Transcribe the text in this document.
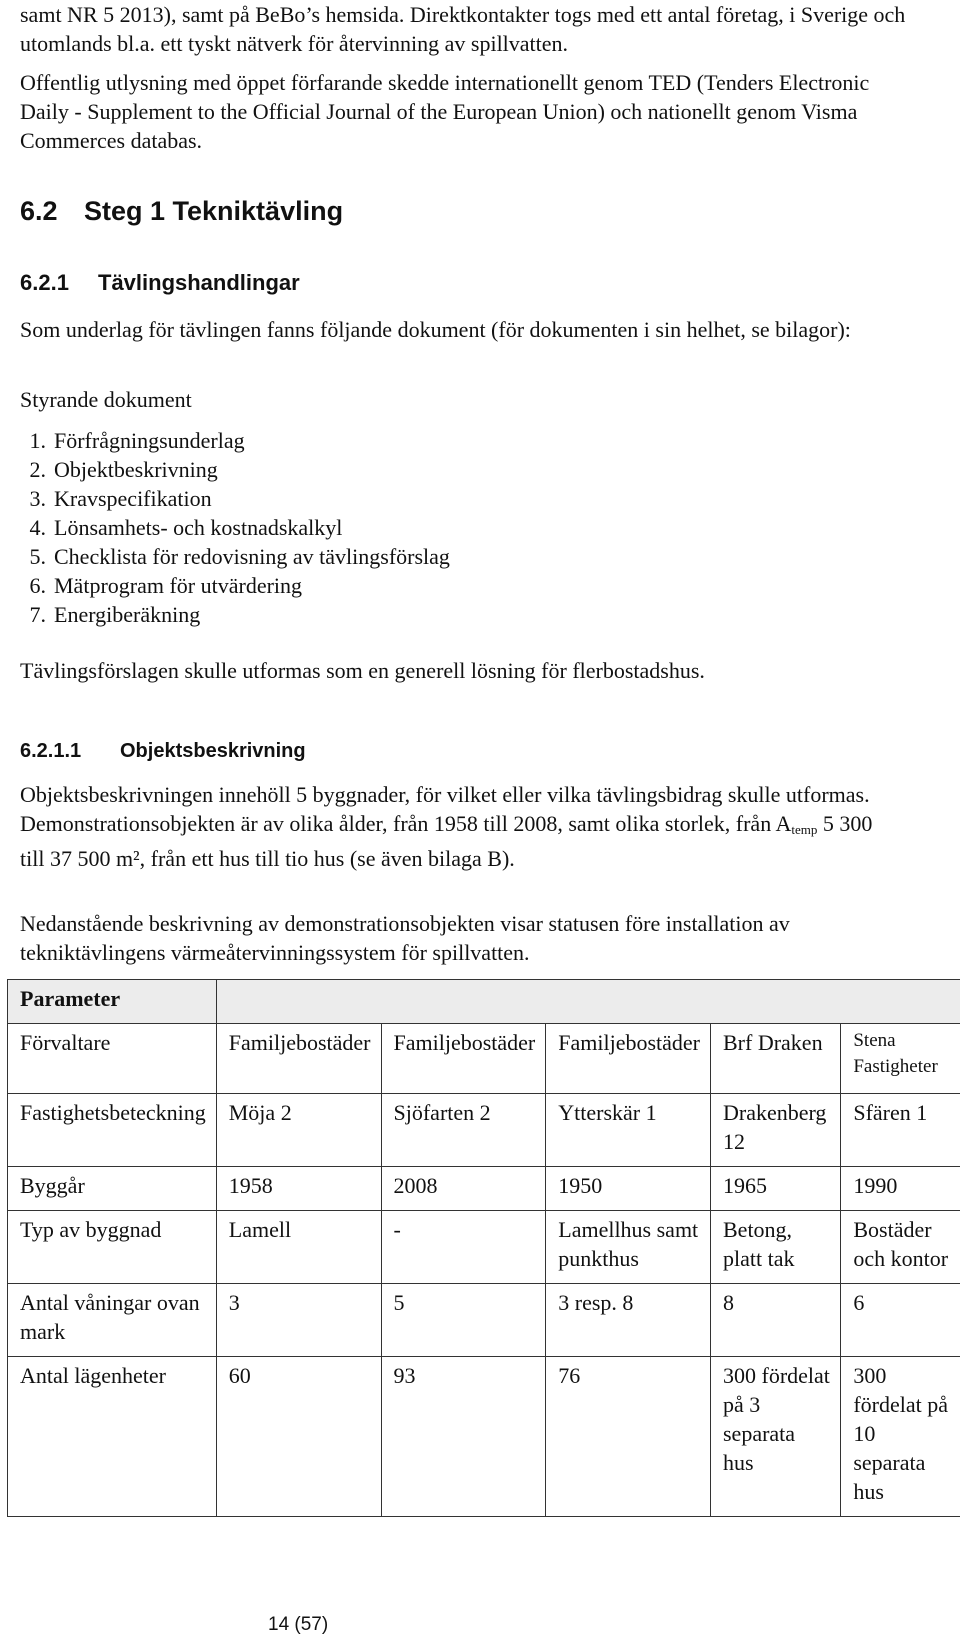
samt NR 5 2013), samt på BeBo’s hemsida. Direktkontakter togs med ett antal företag, i Sverige och utomlands bl.a. ett tyskt nätverk för återvinning av spillvatten.

Offentlig utlysning med öppet förfarande skedde internationellt genom TED (Tenders Electronic Daily - Supplement to the Official Journal of the European Union) och nationellt genom Visma Commerces databas.

6.2 Steg 1 Tekniktävling
6.2.1 Tävlingshandlingar

Som underlag för tävlingen fanns följande dokument (för dokumenten i sin helhet, se bilagor):

Styrande dokument

1. Förfrågningsunderlag
2. Objektbeskrivning
3. Kravspecifikation
4. Lönsamhets- och kostnadskalkyl
5. Checklista för redovisning av tävlingsförslag
6. Mätprogram för utvärdering
7. Energiberäkning

Tävlingsförslagen skulle utformas som en generell lösning för flerbostadshus.

6.2.1.1 Objektsbeskrivning

Objektsbeskrivningen innehöll 5 byggnader, för vilket eller vilka tävlingsbidrag skulle utformas. Demonstrationsobjekten är av olika ålder, från 1958 till 2008, samt olika storlek, från $A_{temp}$ 5 300 till 37 500 m², från ett hus till tio hus (se även bilaga B).

Nedanstående beskrivning av demonstrationsobjekten visar statusen före installation av tekniktävlingens värmeåtervinningssystem för spillvatten.

Parameter					
Förvaltare	Familjebostäder	Familjebostäder	Familjebostäder	Brf Draken	Stena Fastigheter
Fastighetsbeteckning	Möja 2	Sjöfarten 2	Ytterskär 1	Drakenberg 12	Sfären 1
Byggår	1958	2008	1950	1965	1990
Typ av byggnad	Lamell	-	Lamellhus samt punkthus	Betong, platt tak	Bostäder och kontor
Antal våningar ovan mark	3	5	3 resp. 8	8	6
Antal lägenheter	60	93	76	300 fördelat på 3 separata hus	300 fördelat på 10 separata hus
14 (57)
